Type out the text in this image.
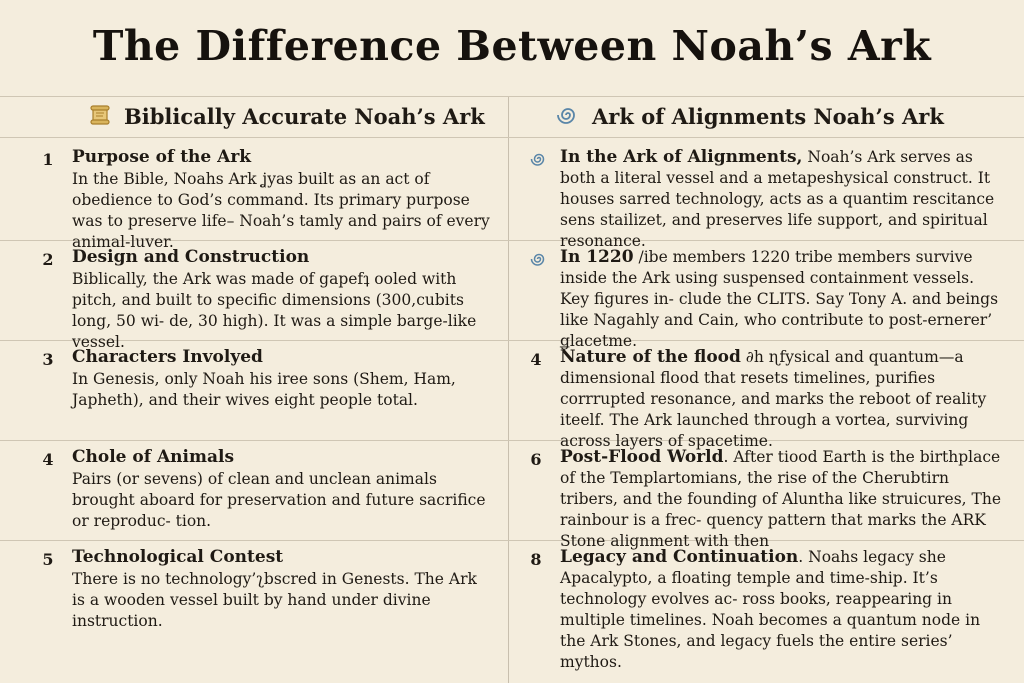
The Difference Between Noah’s Ark
Biblically Accurate Noah’s Ark	Ark of Alignments Noah’s Ark
1 Purpose of the Ark
In the Bible, Noahs Ark ʝyas built as an act of obedience to God’s command. Its primary purpose was to preserve life– Noah’s tamly and pairs of every animal-luver.
2 Design and Construction
Biblically, the Ark was made of gapefʇ ooled with pitch, and built to specific dimensions (300,cubits long, 50 wi- de, 30 high). It was a simple barge-like vessel.
3 Characters Involyed
In Genesis, only Noah his iree sons (Shem, Ham, Japheth), and their wives eight people total.
4 Chole of Animals
Pairs (or sevens) of clean and unclean animals brought aboard for preservation and future sacrifice or reproduc- tion.
5 Technological Contest
There is no technology’ʅbscred in Genests. The Ark is a wooden vessel built by hand under divine instruction.
In the Ark of Alignments, Noah’s Ark serves as both a literal vessel and a metapeshysical construct. It houses sarred technology, acts as a quantim rescitance sens stailizet, and preserves life support, and spiritual resonance.
In 1220 /ibe members 1220 tribe members survive inside the Ark using suspensed containment vessels. Key figures in- clude the CLITS. Say Tony A. and beings like Nagahly and Cain, who contribute to post-ernerer’ ǥlacetme.
4 Nature of the flood ∂h ɳfysical and quantum—a dimensional flood that resets timelines, purifies corrrupted resonance, and marks the reboot of reality iteelf. The Ark launched through a vortea, surviving across layers of spacetime.
6 Post-Flood World. After tiood Earth is the birthplace of the Templartomians, the rise of the Cherubtirn tribers, and the founding of Aluntha like struicures, The rainbour is a frec- quency pattern that marks the ARK Stone alignment with then
8 Legacy and Continuation. Noahs legacy she Apacalypto, a floating temple and time-ship. It’s technology evolves ac- ross books, reappearing in multiple timelines. Noah becomes a quantum node in the Ark Stones, and legacy fuels the entire series’ mythos.
